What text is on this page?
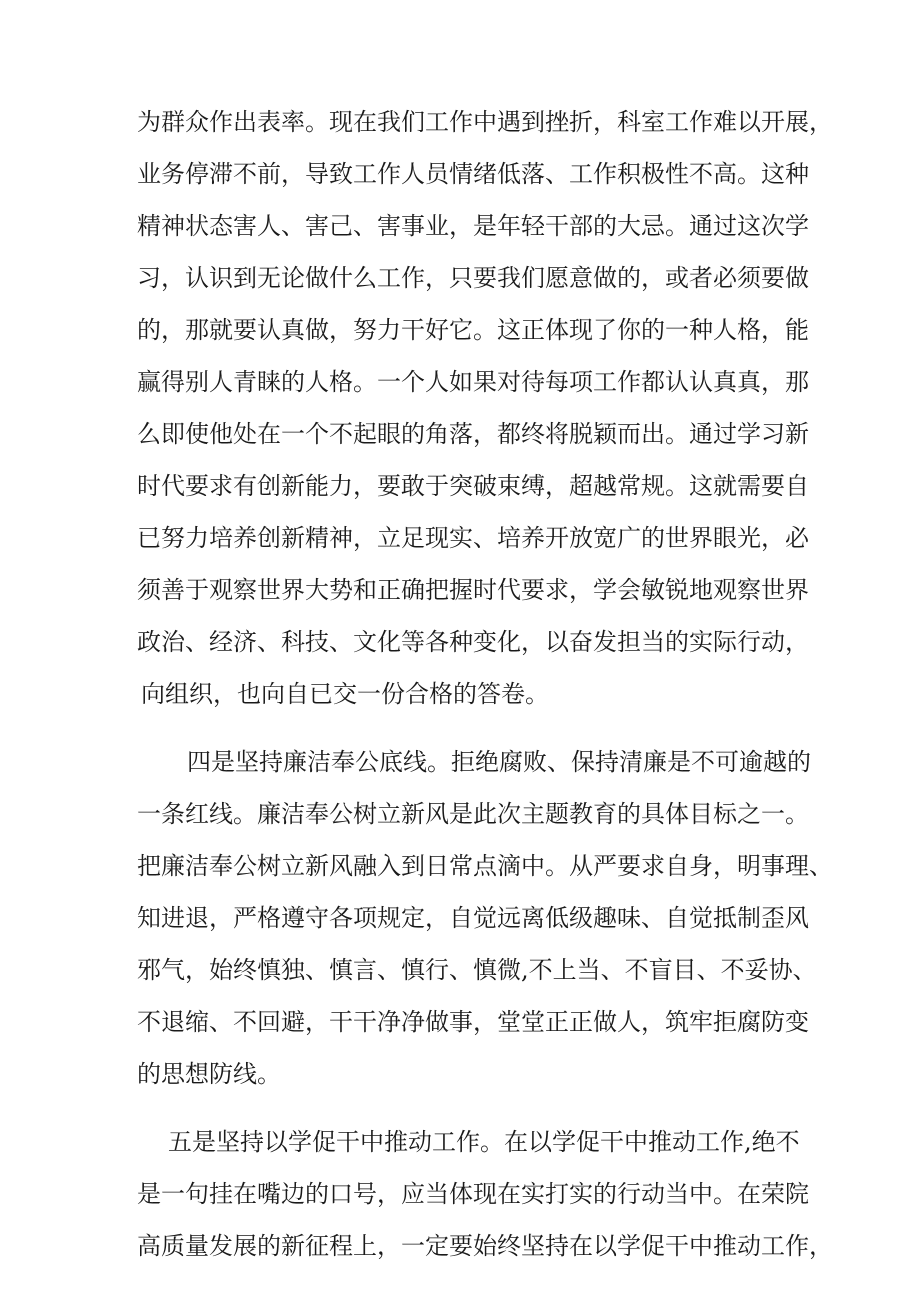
为群众作出表率。现在我们工作中遇到挫折，科室工作难以开展，
业务停滞不前，导致工作人员情绪低落、工作积极性不高。这种
精神状态害人、害己、害事业，是年轻干部的大忌。通过这次学
习，认识到无论做什么工作，只要我们愿意做的，或者必须要做
的，那就要认真做，努力干好它。这正体现了你的一种人格，能
赢得别人青睐的人格。一个人如果对待每项工作都认认真真，那
么即使他处在一个不起眼的角落，都终将脱颖而出。通过学习新
时代要求有创新能力，要敢于突破束缚，超越常规。这就需要自
已努力培养创新精神，立足现实、培养开放宽广的世界眼光，必
须善于观察世界大势和正确把握时代要求，学会敏锐地观察世界
政治、经济、科技、文化等各种变化，以奋发担当的实际行动，
向组织，也向自已交一份合格的答卷。
四是坚持廉洁奉公底线。拒绝腐败、保持清廉是不可逾越的
一条红线。廉洁奉公树立新风是此次主题教育的具体目标之一。
把廉洁奉公树立新风融入到日常点滴中。从严要求自身，明事理、
知进退，严格遵守各项规定，自觉远离低级趣味、自觉抵制歪风
邪气，始终慎独、慎言、慎行、慎微,不上当、不盲目、不妥协、
不退缩、不回避，干干净净做事，堂堂正正做人，筑牢拒腐防变
的思想防线。
五是坚持以学促干中推动工作。在以学促干中推动工作,绝不
是一句挂在嘴边的口号，应当体现在实打实的行动当中。在荣院
高质量发展的新征程上，一定要始终坚持在以学促干中推动工作，
